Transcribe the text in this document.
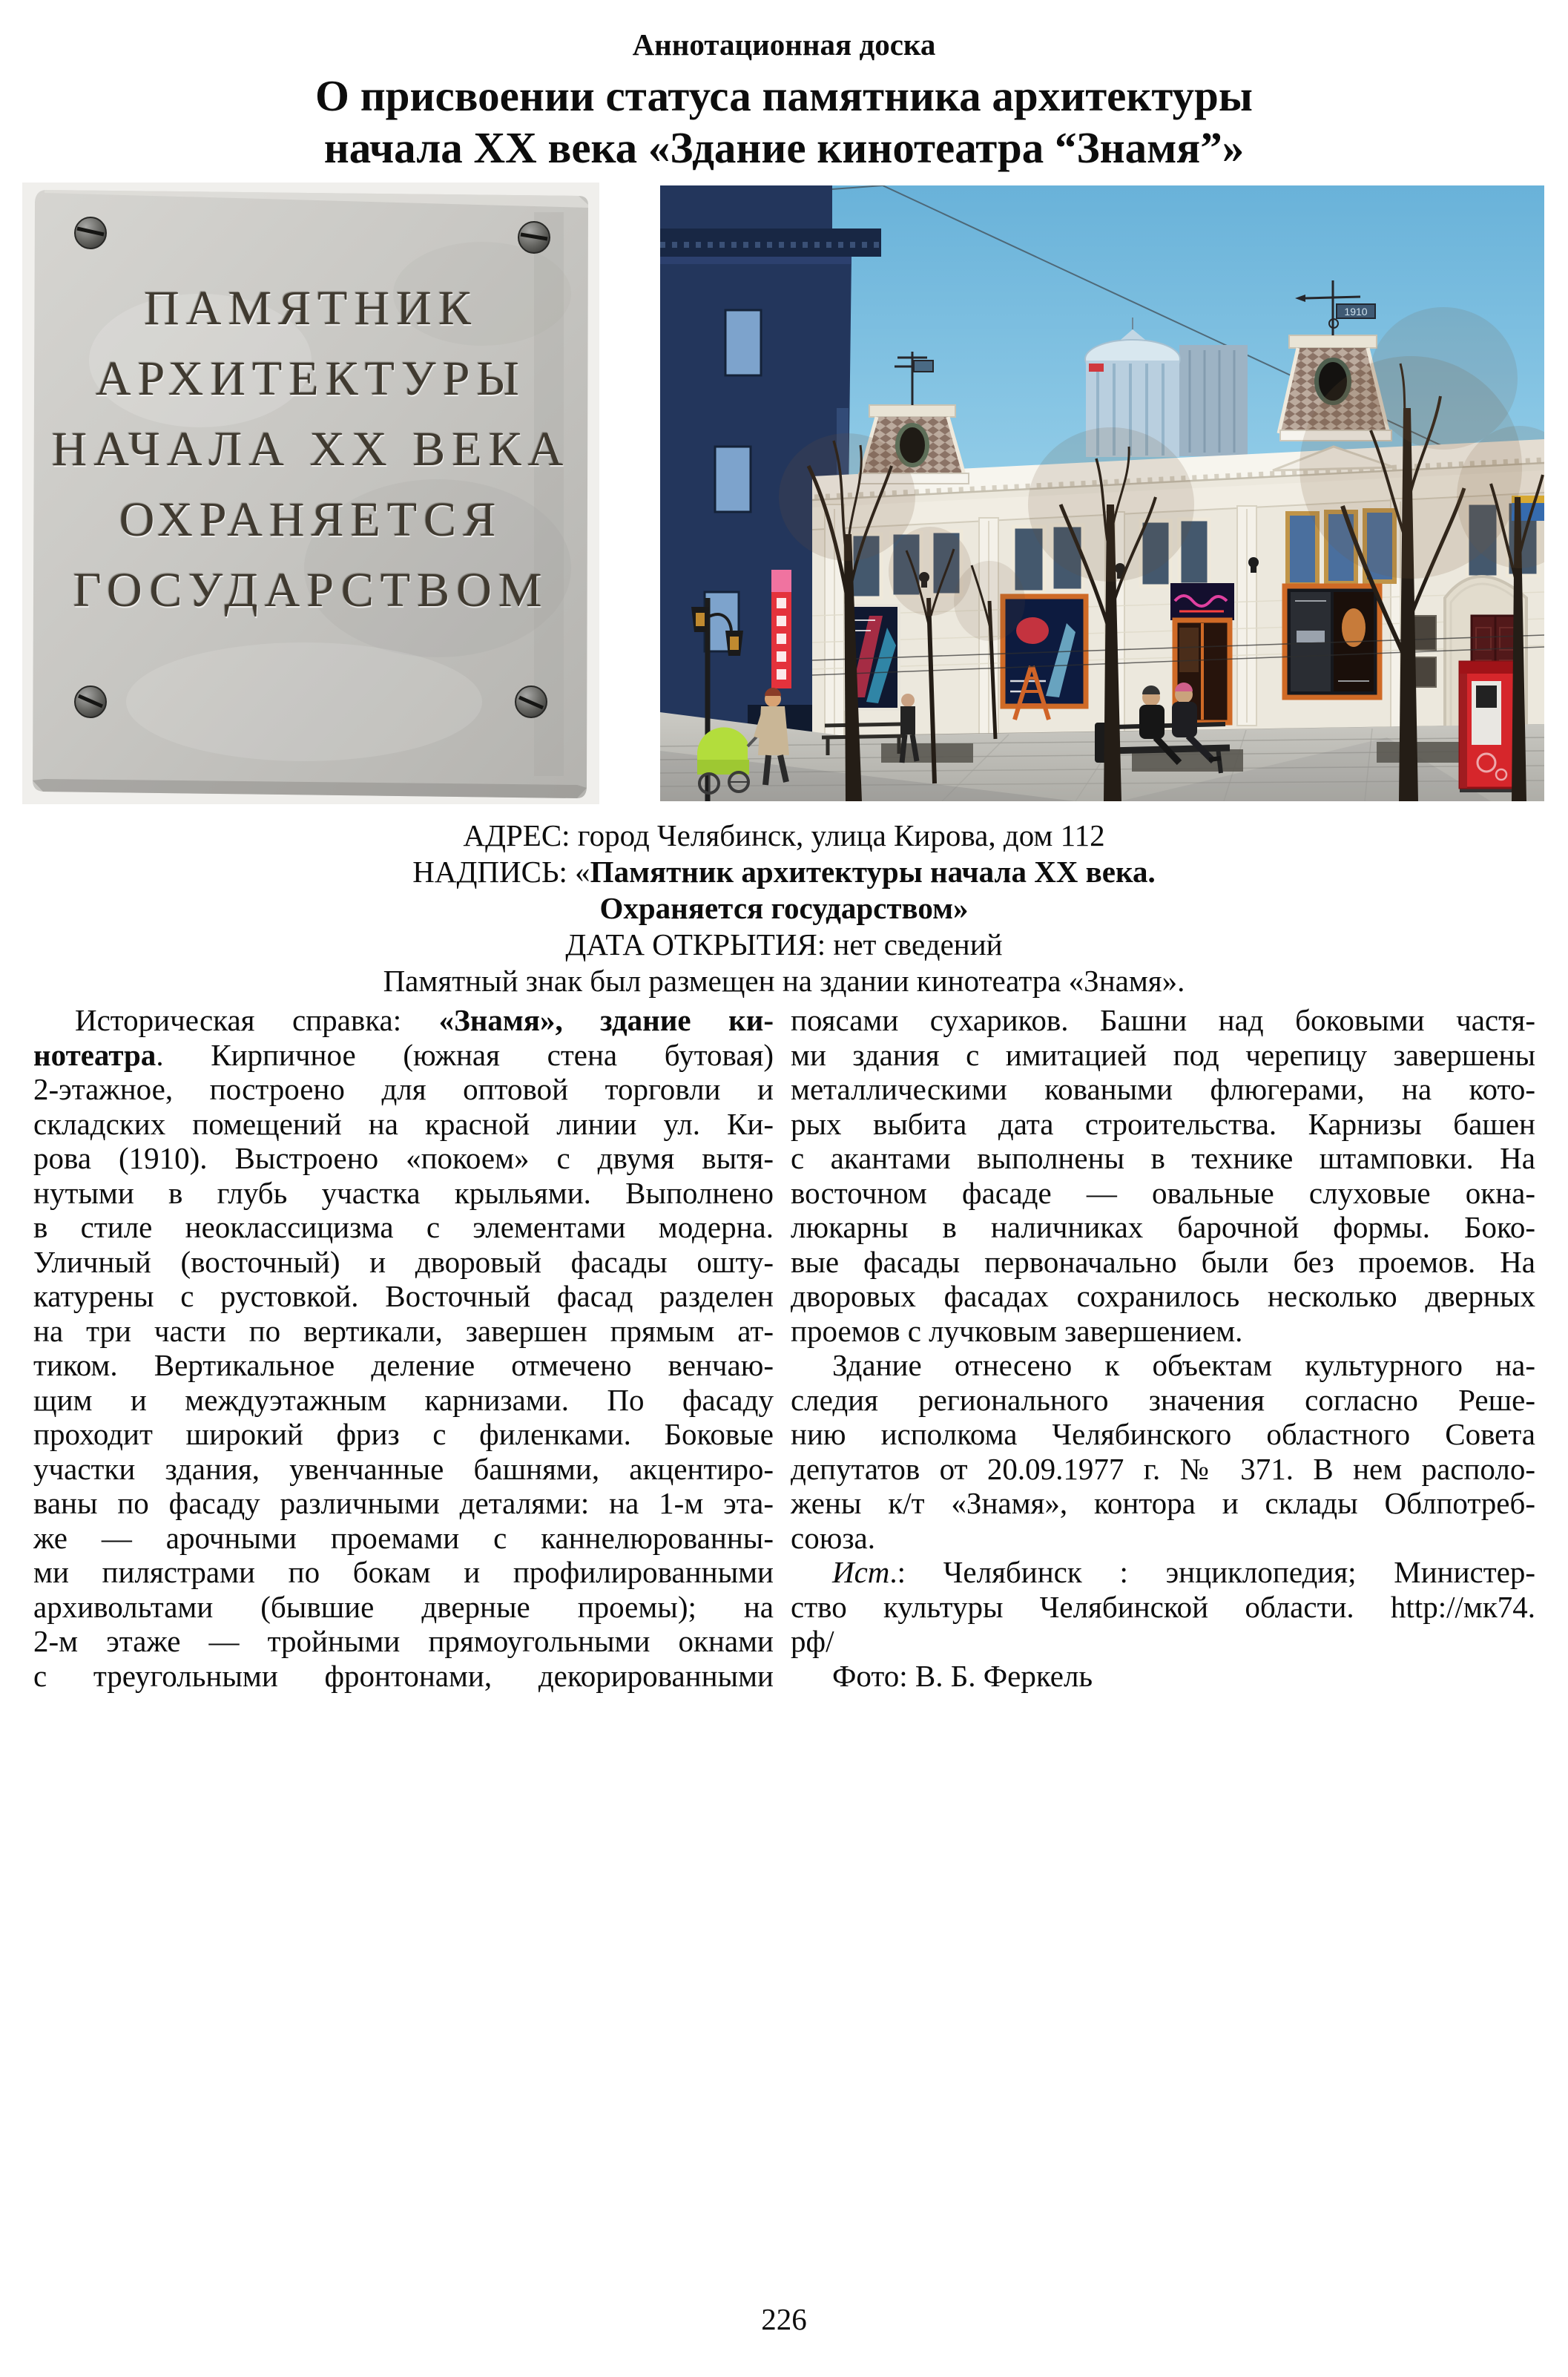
Аннотационная доска
О присвоении статуса памятника архитектуры
начала XX века «Здание кинотеатра “Знамя”»
ПАМЯТНИК
АРХИТЕКТУРЫ
НАЧАЛА XX ВЕКА
ОХРАНЯЕТСЯ
ГОСУДАРСТВОМ
1910
АДРЕС: город Челябинск, улица Кирова, дом 112
НАДПИСЬ: «Памятник архитектуры начала XX века.
Охраняется государством»
ДАТА ОТКРЫТИЯ: нет сведений
Памятный знак был размещен на здании кинотеатра «Знамя».
Историческая справка: «Знамя», здание ки-
нотеатра. Кирпичное (южная стена бутовая)
2-этажное, построено для оптовой торговли и
складских помещений на красной линии ул. Ки-
рова (1910). Выстроено «покоем» с двумя вытя-
нутыми в глубь участка крыльями. Выполнено
в стиле неоклассицизма с элементами модерна.
Уличный (восточный) и дворовый фасады ошту-
катурены с рустовкой. Восточный фасад разделен
на три части по вертикали, завершен прямым ат-
тиком. Вертикальное деление отмечено венчаю-
щим и междуэтажным карнизами. По фасаду
проходит широкий фриз с филенками. Боковые
участки здания, увенчанные башнями, акцентиро-
ваны по фасаду различными деталями: на 1-м эта-
же — арочными проемами с каннелюрованны-
ми пилястрами по бокам и профилированными
архивольтами (бывшие дверные проемы); на
2-м этаже — тройными прямоугольными окнами
с треугольными фронтонами, декорированными
поясами сухариков. Башни над боковыми частя-
ми здания с имитацией под черепицу завершены
металлическими коваными флюгерами, на кото-
рых выбита дата строительства. Карнизы башен
с акантами выполнены в технике штамповки. На
восточном фасаде — овальные слуховые окна-
люкарны в наличниках барочной формы. Боко-
вые фасады первоначально были без проемов. На
дворовых фасадах сохранилось несколько дверных
проемов с лучковым завершением.
Здание отнесено к объектам культурного на-
следия регионального значения согласно Реше-
нию исполкома Челябинского областного Совета
депутатов от 20.09.1977 г. № 371. В нем располо-
жены к/т «Знамя», контора и склады Облпотреб-
союза.
Ист.: Челябинск : энциклопедия; Министер-
ство культуры Челябинской области. http://мк74.
рф/
Фото: В. Б. Феркель
226
